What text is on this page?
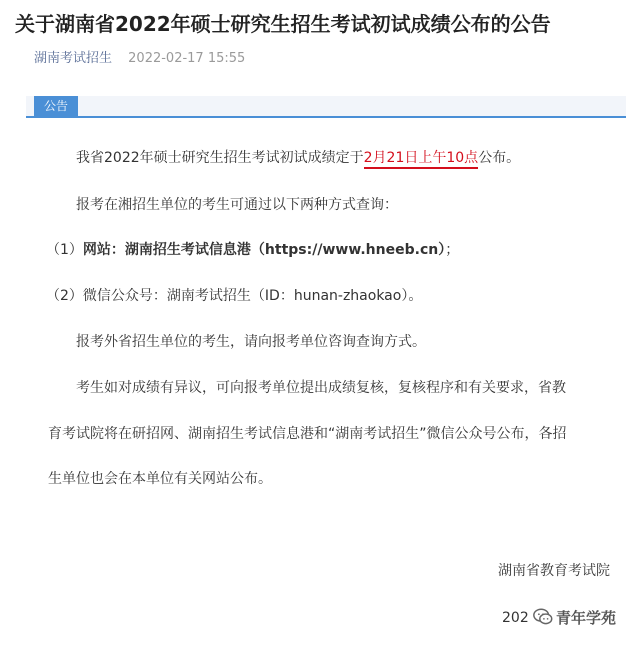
关于湖南省2022年硕士研究生招生考试初试成绩公布的公告
湖南考试招生 2022-02-17 15:55
公告
我省2022年硕士研究生招生考试初试成绩定于2月21日上午10点公布。
报考在湘招生单位的考生可通过以下两种方式查询：
（1）网站：湖南招生考试信息港（https://www.hneeb.cn）；
（2）微信公众号：湖南考试招生（ID：hunan-zhaokao）。
报考外省招生单位的考生，请向报考单位咨询查询方式。
考生如对成绩有异议，可向报考单位提出成绩复核，复核程序和有关要求，省教
育考试院将在研招网、湖南招生考试信息港和“湖南考试招生”微信公众号公布，各招
生单位也会在本单位有关网站公布。
湖南省教育考试院
202 青年学苑
